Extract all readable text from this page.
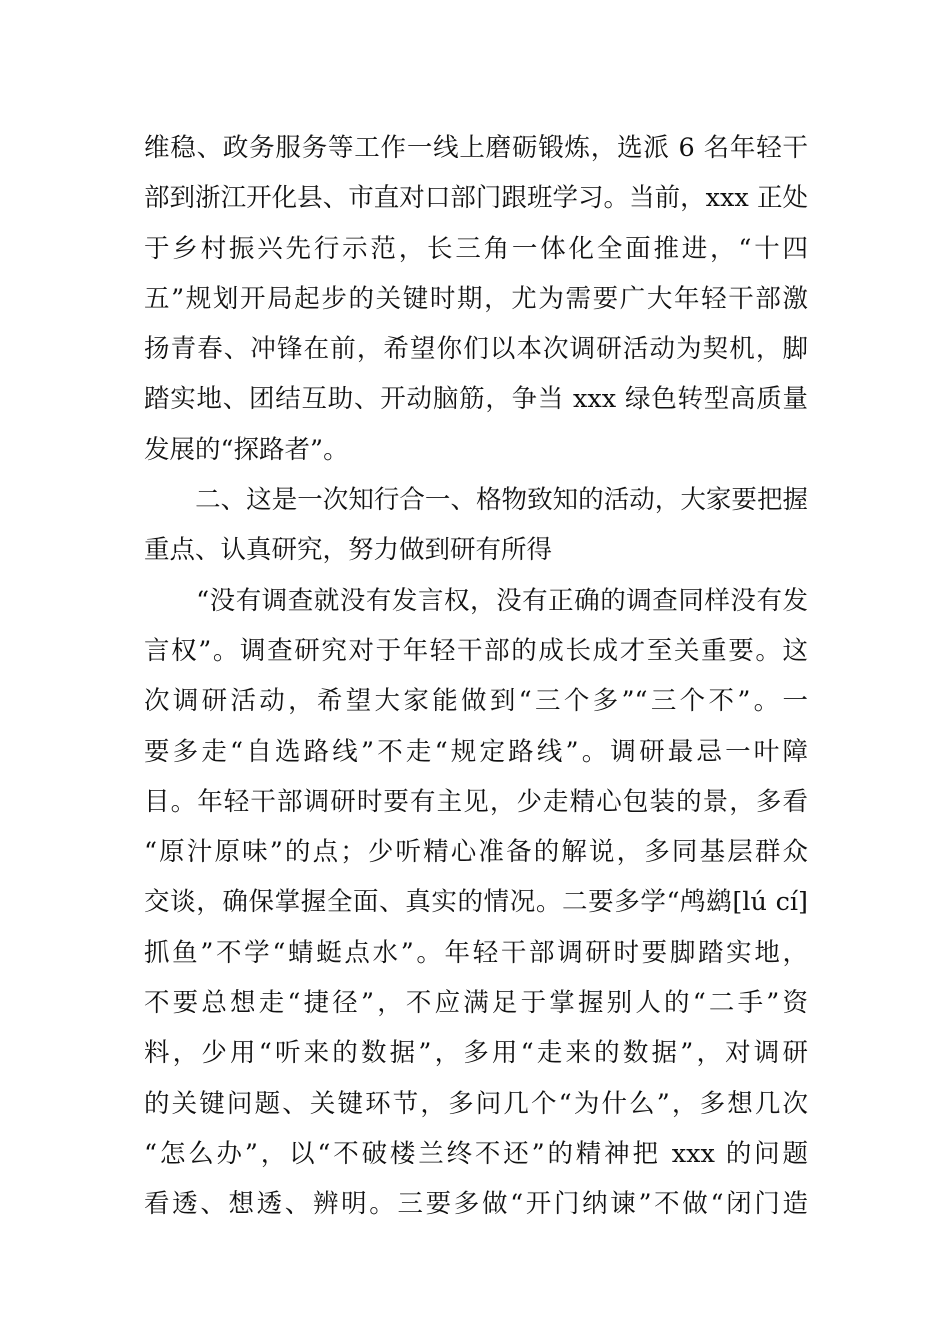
维稳、政务服务等工作一线上磨砺锻炼，选派 6 名年轻干
部到浙江开化县、市直对口部门跟班学习。当前，xxx 正处
于乡村振兴先行示范，长三角一体化全面推进，“十四
五”规划开局起步的关键时期，尤为需要广大年轻干部激
扬青春、冲锋在前，希望你们以本次调研活动为契机，脚
踏实地、团结互助、开动脑筋，争当 xxx 绿色转型高质量
发展的“探路者”。
　　二、这是一次知行合一、格物致知的活动，大家要把握
重点、认真研究，努力做到研有所得
　　“没有调查就没有发言权，没有正确的调查同样没有发
言权”。调查研究对于年轻干部的成长成才至关重要。这
次调研活动，希望大家能做到“三个多”“三个不”。一
要多走“自选路线”不走“规定路线”。调研最忌一叶障
目。年轻干部调研时要有主见，少走精心包装的景，多看
“原汁原味”的点；少听精心准备的解说，多同基层群众
交谈，确保掌握全面、真实的情况。二要多学“鸬鹚[lú cí]
抓鱼”不学“蜻蜓点水”。年轻干部调研时要脚踏实地，
不要总想走“捷径”，不应满足于掌握别人的“二手”资
料，少用“听来的数据”，多用“走来的数据”，对调研
的关键问题、关键环节，多问几个“为什么”，多想几次
“怎么办”，以“不破楼兰终不还”的精神把 xxx 的问题
看透、想透、辨明。三要多做“开门纳谏”不做“闭门造
